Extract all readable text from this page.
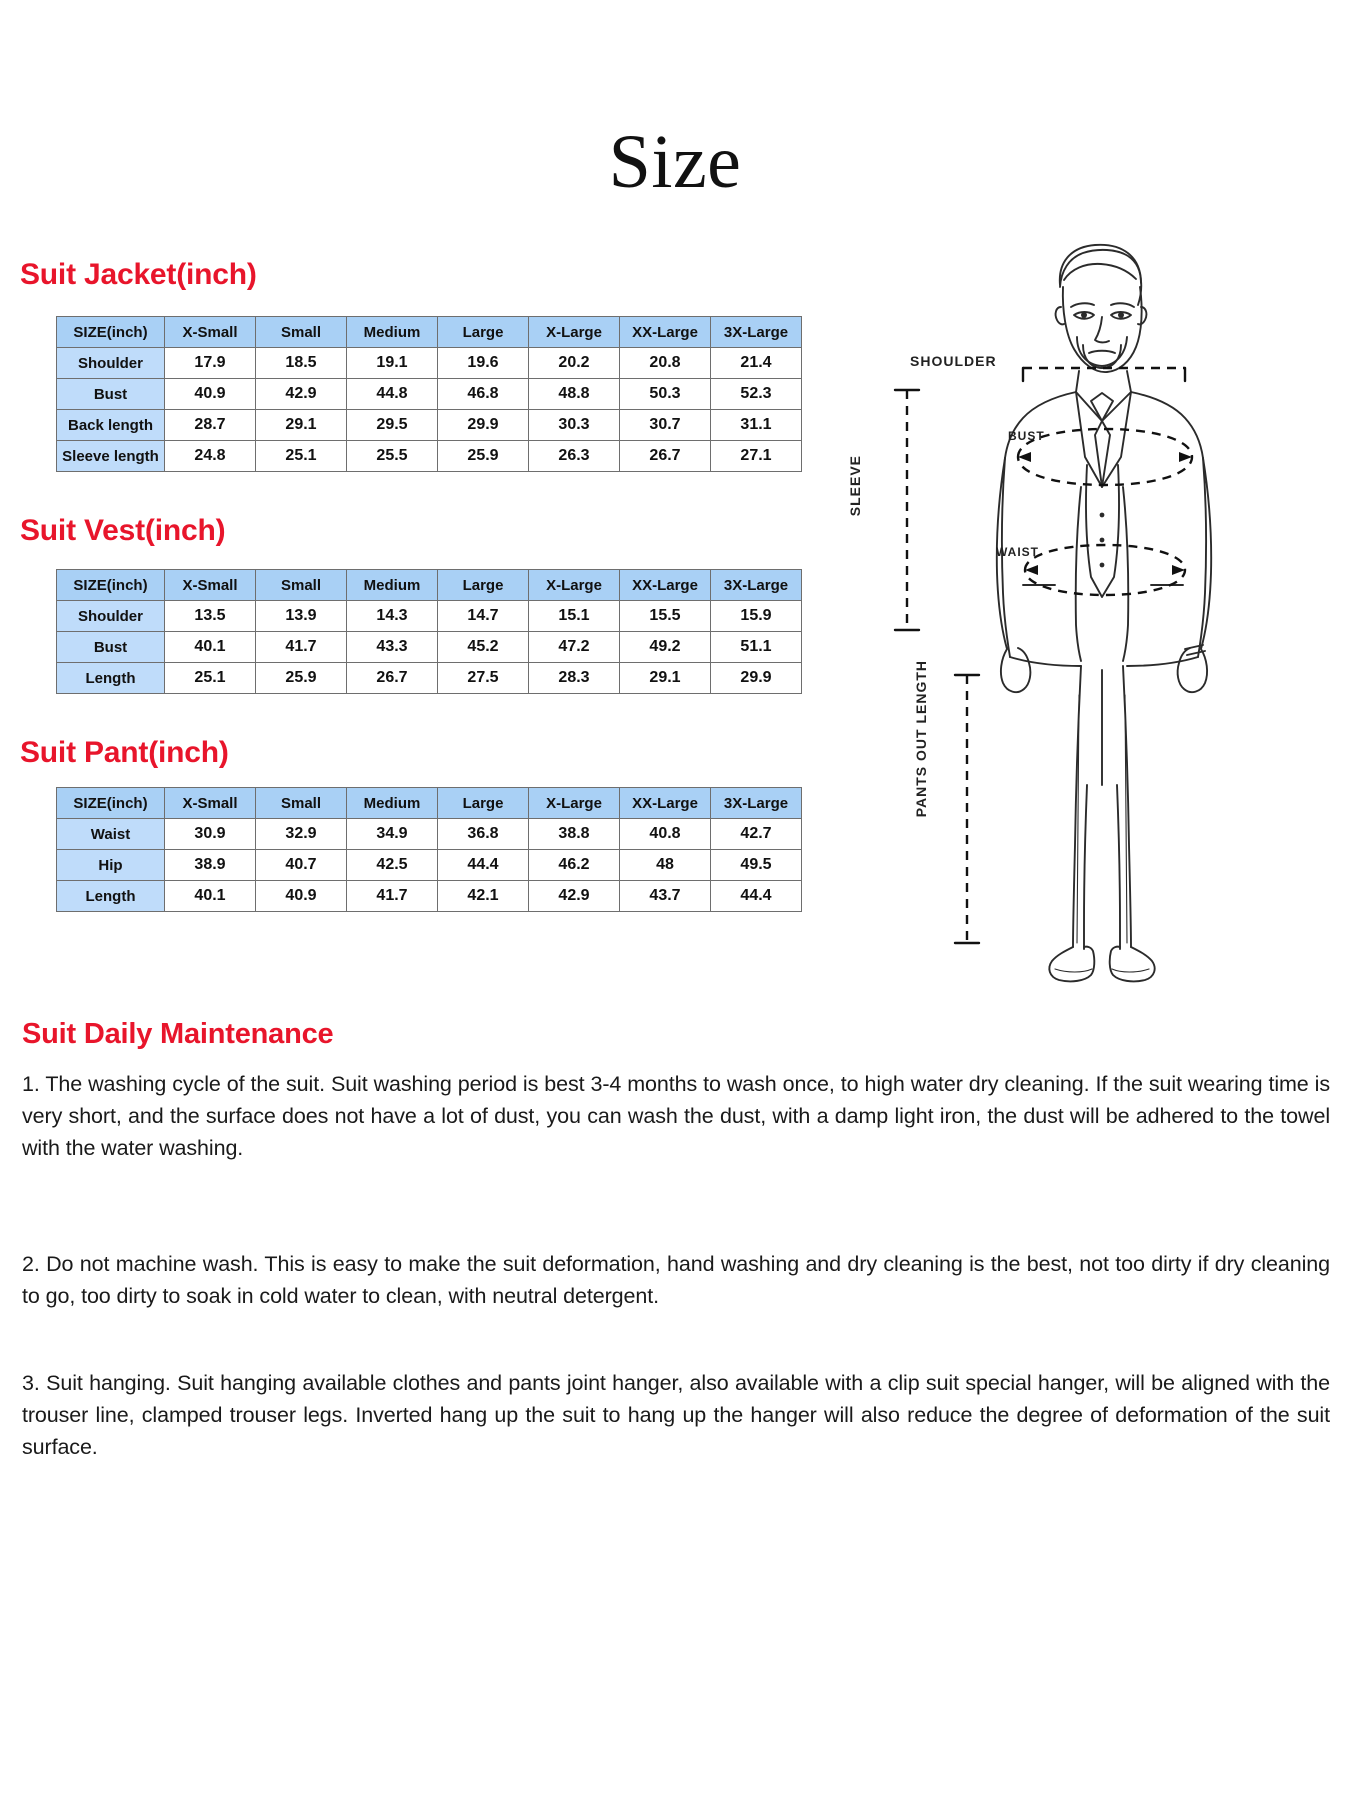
Size
Suit Jacket(inch)
SIZE(inch)	X-Small	Small	Medium	Large	X-Large	XX-Large	3X-Large
Shoulder	17.9	18.5	19.1	19.6	20.2	20.8	21.4
Bust	40.9	42.9	44.8	46.8	48.8	50.3	52.3
Back length	28.7	29.1	29.5	29.9	30.3	30.7	31.1
Sleeve length	24.8	25.1	25.5	25.9	26.3	26.7	27.1
Suit Vest(inch)
SIZE(inch)	X-Small	Small	Medium	Large	X-Large	XX-Large	3X-Large
Shoulder	13.5	13.9	14.3	14.7	15.1	15.5	15.9
Bust	40.1	41.7	43.3	45.2	47.2	49.2	51.1
Length	25.1	25.9	26.7	27.5	28.3	29.1	29.9
Suit Pant(inch)
SIZE(inch)	X-Small	Small	Medium	Large	X-Large	XX-Large	3X-Large
Waist	30.9	32.9	34.9	36.8	38.8	40.8	42.7
Hip	38.9	40.7	42.5	44.4	46.2	48	49.5
Length	40.1	40.9	41.7	42.1	42.9	43.7	44.4
SHOULDER
BUST
WAIST
SLEEVE
PANTS OUT LENGTH
Suit Daily Maintenance
1. The washing cycle of the suit. Suit washing period is best 3-4 months to wash once, to high water dry cleaning. If the suit wearing time is very short, and the surface does not have a lot of dust, you can wash the dust, with a damp light iron, the dust will be adhered to the towel with the water washing.
2. Do not machine wash. This is easy to make the suit deformation, hand washing and dry cleaning is the best, not too dirty if dry cleaning to go, too dirty to soak in cold water to clean, with neutral detergent.
3. Suit hanging. Suit hanging available clothes and pants joint hanger, also available with a clip suit special hanger, will be aligned with the trouser line, clamped trouser legs. Inverted hang up the suit to hang up the hanger will also reduce the degree of deformation of the suit surface.
